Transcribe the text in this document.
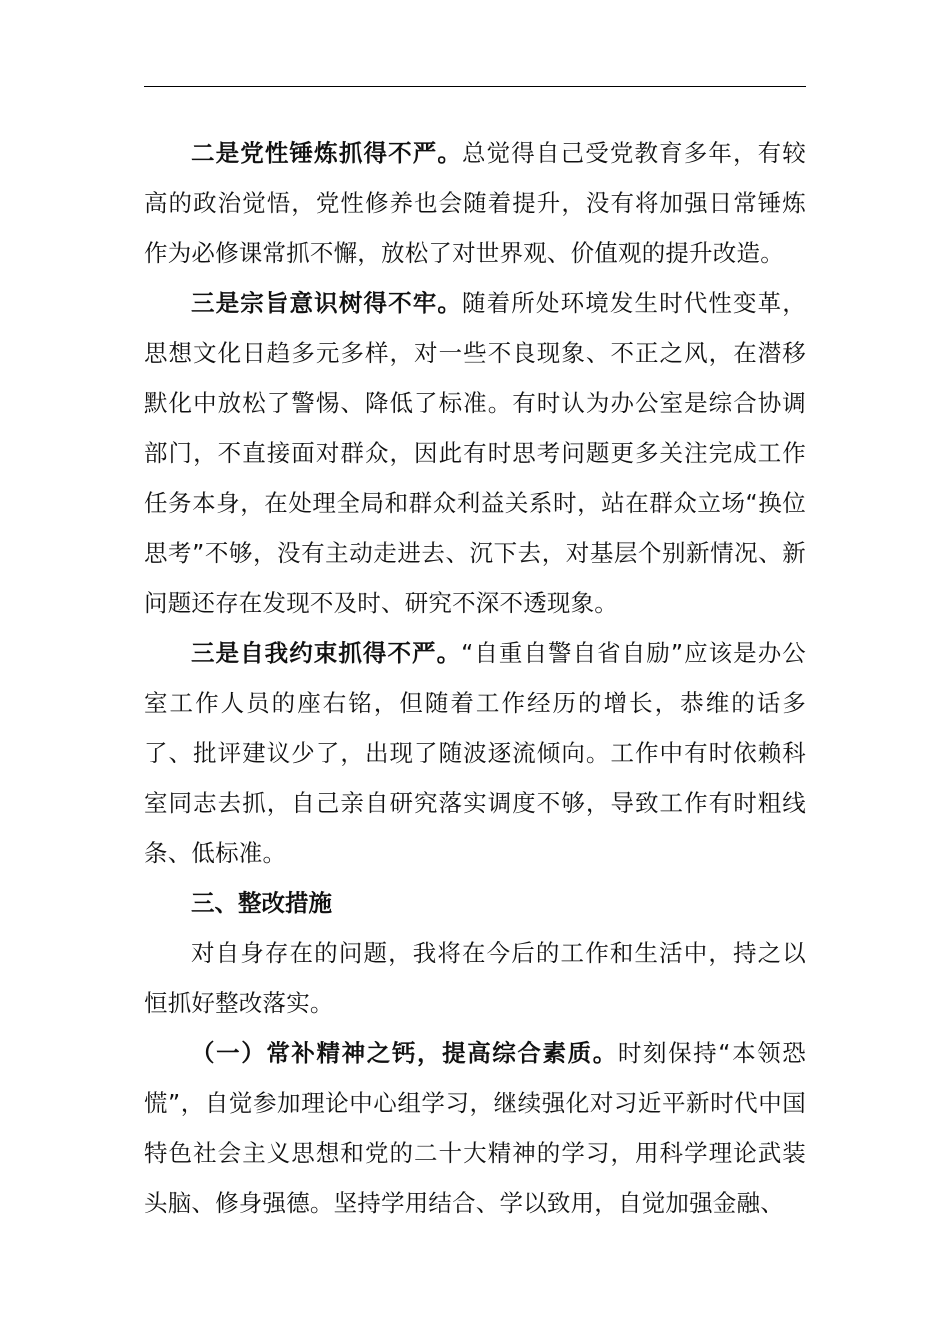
二是党性锤炼抓得不严。总觉得自己受党教育多年，有较高的政治觉悟，党性修养也会随着提升，没有将加强日常锤炼作为必修课常抓不懈，放松了对世界观、价值观的提升改造。

三是宗旨意识树得不牢。随着所处环境发生时代性变革，思想文化日趋多元多样，对一些不良现象、不正之风，在潜移默化中放松了警惕、降低了标准。有时认为办公室是综合协调部门，不直接面对群众，因此有时思考问题更多关注完成工作任务本身，在处理全局和群众利益关系时，站在群众立场“换位思考”不够，没有主动走进去、沉下去，对基层个别新情况、新问题还存在发现不及时、研究不深不透现象。

三是自我约束抓得不严。“自重自警自省自励”应该是办公室工作人员的座右铭，但随着工作经历的增长，恭维的话多了、批评建议少了，出现了随波逐流倾向。工作中有时依赖科室同志去抓，自己亲自研究落实调度不够，导致工作有时粗线条、低标准。

三、整改措施

对自身存在的问题，我将在今后的工作和生活中，持之以恒抓好整改落实。

（一）常补精神之钙，提高综合素质。时刻保持“本领恐慌”，自觉参加理论中心组学习，继续强化对习近平新时代中国特色社会主义思想和党的二十大精神的学习，用科学理论武装头脑、修身强德。坚持学用结合、学以致用，自觉加强金融、
